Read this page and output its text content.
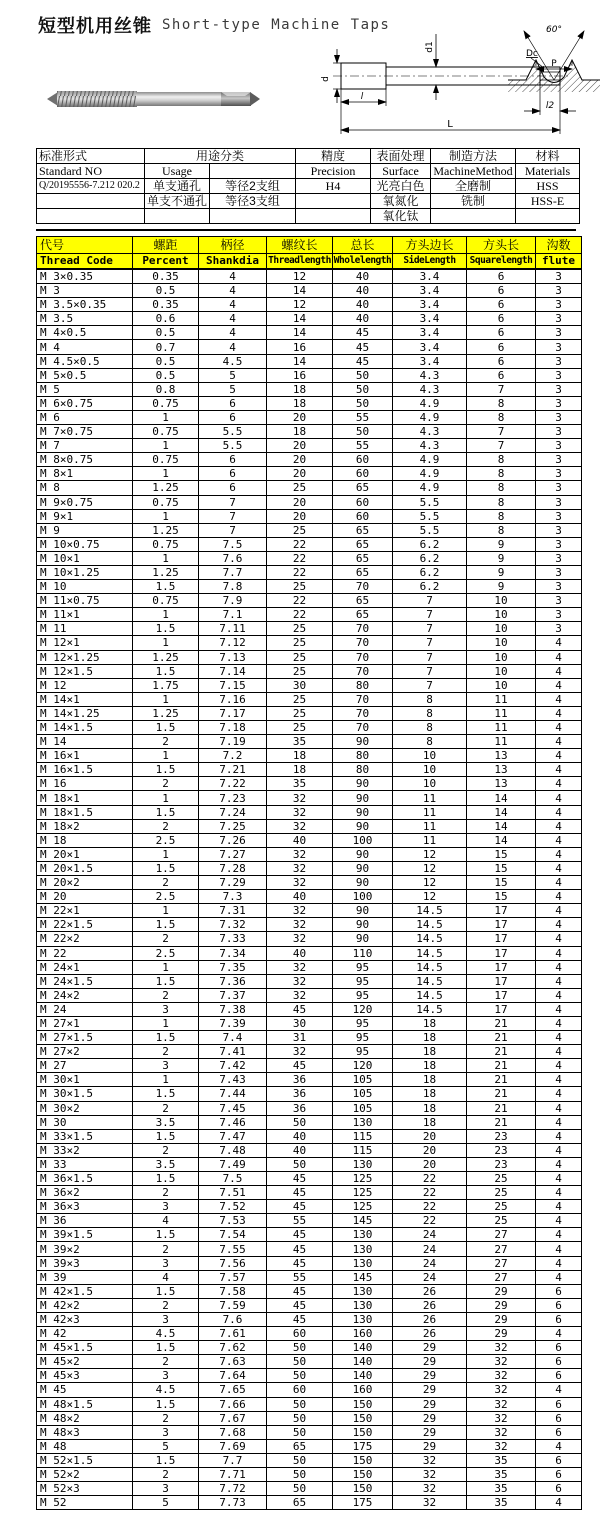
短型机用丝锥 Short-type Machine Taps
d
d1
Dc
l
l2
L
60°
P
标准形式	用途分类		精度	表面处理	制造方法	材料
Standard NO	Usage		Precision	Surface	MachineMethod	Materials
Q/20195556-7.212 020.2	单支通孔	等径2支组	H4	光亮白色	全磨制	HSS
	单支不通孔	等径3支组		氧氮化	铣制	HSS-E
				氧化钛		
代号	螺距	柄径	螺纹长	总长	方头边长	方头长	沟数
Thread Code	Percent	Shankdia	Threadlength	Wholelength	SideLength	Squarelength	flute
M 3×0.35	0.35	4	12	40	3.4	6	3
M 3	0.5	4	14	40	3.4	6	3
M 3.5×0.35	0.35	4	12	40	3.4	6	3
M 3.5	0.6	4	14	40	3.4	6	3
M 4×0.5	0.5	4	14	45	3.4	6	3
M 4	0.7	4	16	45	3.4	6	3
M 4.5×0.5	0.5	4.5	14	45	3.4	6	3
M 5×0.5	0.5	5	16	50	4.3	6	3
M 5	0.8	5	18	50	4.3	7	3
M 6×0.75	0.75	6	18	50	4.9	8	3
M 6	1	6	20	55	4.9	8	3
M 7×0.75	0.75	5.5	18	50	4.3	7	3
M 7	1	5.5	20	55	4.3	7	3
M 8×0.75	0.75	6	20	60	4.9	8	3
M 8×1	1	6	20	60	4.9	8	3
M 8	1.25	6	25	65	4.9	8	3
M 9×0.75	0.75	7	20	60	5.5	8	3
M 9×1	1	7	20	60	5.5	8	3
M 9	1.25	7	25	65	5.5	8	3
M 10×0.75	0.75	7.5	22	65	6.2	9	3
M 10×1	1	7.6	22	65	6.2	9	3
M 10×1.25	1.25	7.7	22	65	6.2	9	3
M 10	1.5	7.8	25	70	6.2	9	3
M 11×0.75	0.75	7.9	22	65	7	10	3
M 11×1	1	7.1	22	65	7	10	3
M 11	1.5	7.11	25	70	7	10	3
M 12×1	1	7.12	25	70	7	10	4
M 12×1.25	1.25	7.13	25	70	7	10	4
M 12×1.5	1.5	7.14	25	70	7	10	4
M 12	1.75	7.15	30	80	7	10	4
M 14×1	1	7.16	25	70	8	11	4
M 14×1.25	1.25	7.17	25	70	8	11	4
M 14×1.5	1.5	7.18	25	70	8	11	4
M 14	2	7.19	35	90	8	11	4
M 16×1	1	7.2	18	80	10	13	4
M 16×1.5	1.5	7.21	18	80	10	13	4
M 16	2	7.22	35	90	10	13	4
M 18×1	1	7.23	32	90	11	14	4
M 18×1.5	1.5	7.24	32	90	11	14	4
M 18×2	2	7.25	32	90	11	14	4
M 18	2.5	7.26	40	100	11	14	4
M 20×1	1	7.27	32	90	12	15	4
M 20×1.5	1.5	7.28	32	90	12	15	4
M 20×2	2	7.29	32	90	12	15	4
M 20	2.5	7.3	40	100	12	15	4
M 22×1	1	7.31	32	90	14.5	17	4
M 22×1.5	1.5	7.32	32	90	14.5	17	4
M 22×2	2	7.33	32	90	14.5	17	4
M 22	2.5	7.34	40	110	14.5	17	4
M 24×1	1	7.35	32	95	14.5	17	4
M 24×1.5	1.5	7.36	32	95	14.5	17	4
M 24×2	2	7.37	32	95	14.5	17	4
M 24	3	7.38	45	120	14.5	17	4
M 27×1	1	7.39	30	95	18	21	4
M 27×1.5	1.5	7.4	31	95	18	21	4
M 27×2	2	7.41	32	95	18	21	4
M 27	3	7.42	45	120	18	21	4
M 30×1	1	7.43	36	105	18	21	4
M 30×1.5	1.5	7.44	36	105	18	21	4
M 30×2	2	7.45	36	105	18	21	4
M 30	3.5	7.46	50	130	18	21	4
M 33×1.5	1.5	7.47	40	115	20	23	4
M 33×2	2	7.48	40	115	20	23	4
M 33	3.5	7.49	50	130	20	23	4
M 36×1.5	1.5	7.5	45	125	22	25	4
M 36×2	2	7.51	45	125	22	25	4
M 36×3	3	7.52	45	125	22	25	4
M 36	4	7.53	55	145	22	25	4
M 39×1.5	1.5	7.54	45	130	24	27	4
M 39×2	2	7.55	45	130	24	27	4
M 39×3	3	7.56	45	130	24	27	4
M 39	4	7.57	55	145	24	27	4
M 42×1.5	1.5	7.58	45	130	26	29	6
M 42×2	2	7.59	45	130	26	29	6
M 42×3	3	7.6	45	130	26	29	6
M 42	4.5	7.61	60	160	26	29	4
M 45×1.5	1.5	7.62	50	140	29	32	6
M 45×2	2	7.63	50	140	29	32	6
M 45×3	3	7.64	50	140	29	32	6
M 45	4.5	7.65	60	160	29	32	4
M 48×1.5	1.5	7.66	50	150	29	32	6
M 48×2	2	7.67	50	150	29	32	6
M 48×3	3	7.68	50	150	29	32	6
M 48	5	7.69	65	175	29	32	4
M 52×1.5	1.5	7.7	50	150	32	35	6
M 52×2	2	7.71	50	150	32	35	6
M 52×3	3	7.72	50	150	32	35	6
M 52	5	7.73	65	175	32	35	4
